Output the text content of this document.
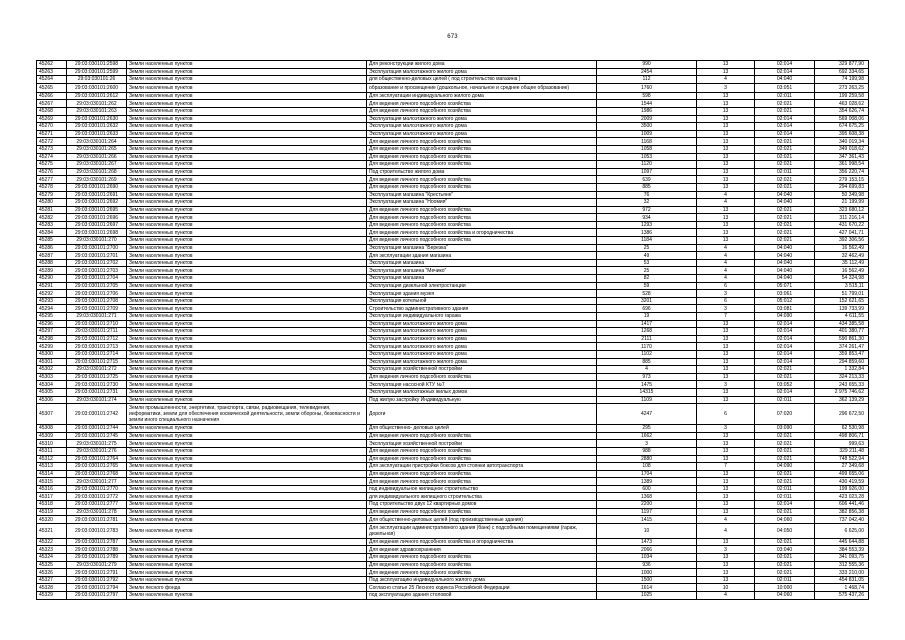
673
45262	29:03:030101:2598	Земли населенных пунктов	Для реконструкции жилого дома	990	13	02:014	329 877,90
45263	29:03:030101:2599	Земли населенных пунктов	Эксплуатация малоэтажного жилого дома	2454	13	02:014	692 334,65
45264	29:03:030101:26	Земли населенных пунктов	для общественно-деловых целей ( под строительство магазина )	112	4	04:040	74 199,98
45265	29:03:030101:2600	Земли населенных пунктов	образование и просвещение (дошкольное, начальное и среднее общее образование)	1760	3	03:051	273 263,25
45266	29:03:030101:2612	Земли населенных пунктов	Для эксплуатации индивидуального жилого дома	598	13	02:011	199 259,58
45267	29:03:030101:262	Земли населенных пунктов	Для ведения личного подсобного хозяйства	1544	13	02:021	463 028,62
45268	29:03:030101:263	Земли населенных пунктов	Для ведения личного подсобного хозяйства	1986	13	02:021	354 626,74
45269	29:03:030101:2630	Земли населенных пунктов	Эксплуатация малоэтажного жилого дома	2009	13	02:014	569 008,06
45270	29:03:030101:2632	Земли населенных пунктов	Эксплуатация малоэтажного жилого дома	3500	13	02:014	674 675,25
45271	29:03:030101:2633	Земли населенных пунктов	Эксплуатация малоэтажного жилого дома	1009	13	02:014	395 608,38
45272	29:03:030101:264	Земли населенных пунктов	Для ведения личного подсобного хозяйства	1168	13	02:021	340 019,34
45273	29:03:030101:265	Земли населенных пунктов	Для ведения личного подсобного хозяйства	1058	13	02:021	349 018,62
45274	29:03:030101:266	Земли населенных пунктов	Для ведения личного подсобного хозяйства	1053	13	02:021	347 361,43
45275	29:03:030101:267	Земли населенных пунктов	Для ведения личного подсобного хозяйства	1120	13	02:021	361 998,54
45276	29:03:030101:268	Земли населенных пунктов	Под строительство жилого дома	1097	13	02:011	356 220,74
45277	29:03:030101:269	Земли населенных пунктов	Для ведения личного подсобного хозяйства	639	13	02:021	279 153,15
45278	29:03:030101:2690	Земли населенных пунктов	Для ведения личного подсобного хозяйства	885	13	02:021	294 699,83
45279	29:03:030101:2691	Земли населенных пунктов	Эксплуатация магазина "Крестьяне"	76	4	04:040	50 349,98
45280	29:03:030101:2692	Земли населенных пунктов	Эксплуатация магазина "Ноомия"	32	4	04:040	21 199,99
45281	29:03:030101:2695	Земли населенных пунктов	Для ведения личного подсобного хозяйства	972	13	02:021	323 680,12
45282	29:03:030101:2696	Земли населенных пунктов	Для ведения личного подсобного хозяйства	934	13	02:021	311 216,14
45283	29:03:030101:2697	Земли населенных пунктов	Для ведения личного подсобного хозяйства	1293	13	02:021	431 670,22
45284	29:03:030101:2698	Земли населенных пунктов	Для ведения личного подсобного хозяйства и огородничества	1386	13	02:021	427 041,71
45285	29:03:030101:270	Земли населенных пунктов	Для ведения личного подсобного хозяйства	1184	13	02:021	392 306,56
45286	29:03:030101:2700	Земли населенных пунктов	Эксплуатация магазина "Березка"	25	4	04:040	16 562,49
45287	29:03:030101:2701	Земли населенных пунктов	Для эксплуатации здания магазина	49	4	04:040	32 462,49
45288	29:03:030101:2702	Земли населенных пунктов	Эксплуатация магазина	53	4	04:040	35 112,49
45289	29:03:030101:2703	Земли населенных пунктов	Эксплуатация магазина "Мечико"	25	4	04:040	16 562,49
45290	29:03:030101:2704	Земли населенных пунктов	Эксплуатация магазина	82	4	04:040	54 324,98
45291	29:03:030101:2705	Земли населенных пунктов	Эксплуатация дизельной электростанции	59	6	05:071	3 515,11
45292	29:03:030101:2706	Земли населенных пунктов	Эксплуатация здания музея	528	3	03:061	51 799,01
45293	29:03:030101:2708	Земли населенных пунктов	Эксплуатация котельной	3201	6	05:012	152 621,65
45294	29:03:030101:2709	Земли населенных пунктов	Строительство административного здания	696	3	03:081	139 733,99
45295	29:03:030101:271	Земли населенных пунктов	Эксплуатация индивидуального гаража	19	7	04:090	4 611,55
45296	29:03:030101:2710	Земли населенных пунктов	Эксплуатация малоэтажного жилого дома	1417	13	02:014	434 385,58
45297	29:03:030101:2711	Земли населенных пунктов	Эксплуатация малоэтажного жилого дома	1268	13	02:014	401 380,77
45298	29:03:030101:2712	Земли населенных пунктов	Эксплуатация малоэтажного жилого дома	2111	13	02:014	590 861,30
45299	29:03:030101:2713	Земли населенных пунктов	Эксплуатация малоэтажного жилого дома	1170	13	02:014	374 261,47
45300	29:03:030101:2714	Земли населенных пунктов	Эксплуатация малоэтажного жилого дома	1102	13	02:014	359 853,47
45301	29:03:030101:2715	Земли населенных пунктов	Эксплуатация малоэтажного жилого дома	885	13	02:014	294 859,60
45302	29:03:030101:272	Земли населенных пунктов	Эксплуатация хозяйственной постройки	4	13	02:021	1 332,84
45303	29:03:030101:2725	Земли населенных пунктов	Для ведения личного подсобного хозяйства	973	13	02:021	324 213,33
45304	29:03:030101:2730	Земли населенных пунктов	Эксплуатация насосной КТУ №7	1475	3	03:052	243 655,33
45305	29:03:030101:2731	Земли населенных пунктов	Эксплуатация малоэтажных жилых домов	14315	13	02:014	2 975 746,62
45306	29:03:030101:274	Земли населенных пунктов	Под жилую застройку Индивидуальную	1109	13	02:011	362 139,29
45307	29:03:030101:2742	Земли промышленности, энергетики, транспорта, связи, радиовещания, телевидения, информатики, земли для обеспечения космической деятельности, земли обороны, безопасности и земли иного специального назначения	Дороги	4247	6	07:020	296 672,50
45308	29:03:030101:2744	Земли населенных пунктов	Для общественно- деловых целей	295	3	03:090	62 530,98
45309	29:03:030101:2745	Земли населенных пунктов	Для ведения личного подсобного хозяйства	1662	13	02:021	498 806,71
45310	29:03:030101:275	Земли населенных пунктов	Эксплуатация хозяйственной постройки	3	13	02:021	999,63
45311	29:03:030101:276	Земли населенных пунктов	Для ведения личного подсобного хозяйства	988	13	02:021	329 211,48
45312	29:03:030101:2764	Земли населенных пунктов	Для ведения личного подсобного хозяйства	2880	13	02:021	748 522,94
45313	29:03:030101:2765	Земли населенных пунктов	Для эксплуатации пристройки боксов для стоянки автотранспорта	108	7	04:090	27 349,68
45314	29:03:030101:2768	Земли населенных пунктов	Для ведения личного подсобного хозяйства	1704	13	02:021	499 655,06
45315	29:03:030101:277	Земли населенных пунктов	Для ведения личного подсобного хозяйства	1389	13	02:021	430 419,59
45316	29:03:030101:2770	Земли населенных пунктов	под индивидуальное жилищное строительство	600	13	02:011	199 926,00
45317	29:03:030101:2772	Земли населенных пунктов	для индивидуального жилищного строительства	1368	13	02:011	423 023,28
45318	29:03:030101:2777	Земли населенных пунктов	Под строительство двух 12 квартирных домов	2200	13	02:014	606 441,46
45319	29:03:030101:278	Земли населенных пунктов	Для ведения личного подсобного хозяйства	1197	13	02:021	382 856,38
45320	29:03:030101:2781	Земли населенных пунктов	Для общественно-деловых целей (под производственные здания)	1415	4	04:060	737 042,40
45321	29:03:030101:2783	Земли населенных пунктов	Для эксплуатации административного здания (банк) с подсобными помещениями (гараж, дизельная)	10	4	04:050	6 625,00
45322	29:03:030101:2787	Земли населенных пунктов	Для ведения личного подсобного хозяйства и огородничества	1473	13	02:021	445 644,88
45323	29:03:030101:2788	Земли населенных пунктов	Для ведения здравоохранения	2066	3	03:040	384 553,39
45324	29:03:030101:2789	Земли населенных пунктов	Для ведения личного подсобного хозяйства	1034	13	02:021	341 093,75
45325	29:03:030101:279	Земли населенных пунктов	Для ведения личного подсобного хозяйства	936	13	02:021	312 555,36
45326	29:03:030101:2791	Земли населенных пунктов	Для ведения личного подсобного хозяйства	1000	13	02:021	333 210,00
45327	29:03:030101:2792	Земли населенных пунктов	Под эксплуатацию индивидуального жилого дома	1500	13	02:011	454 831,05
45328	29:03:030101:2794	Земли лесного фонда	Согласно статье 25 Лесного кодекса Российской Федерации	1614	10	10:000	1 468,74
45329	29:03:030101:2797	Земли населенных пунктов	под эксплуатацию здания столовой	1025	4	04:060	575 437,26
